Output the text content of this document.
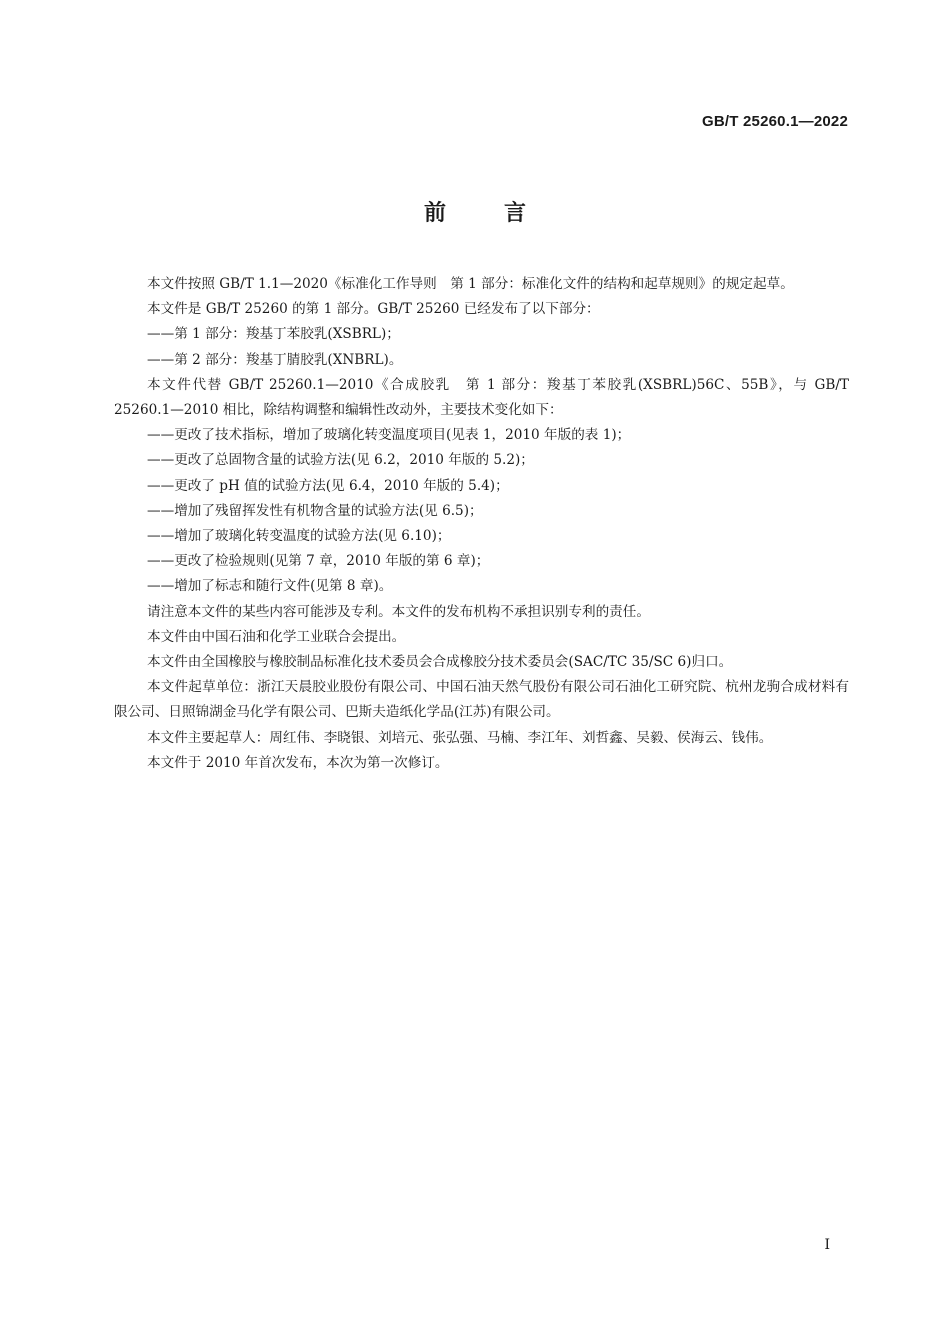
GB/T 25260.1—2022
前言

本文件按照 GB/T 1.1—2020《标准化工作导则　第 1 部分：标准化文件的结构和起草规则》的规定起草。

本文件是 GB/T 25260 的第 1 部分。GB/T 25260 已经发布了以下部分：

——第 1 部分：羧基丁苯胶乳(XSBRL)；

——第 2 部分：羧基丁腈胶乳(XNBRL)。

本文件代替 GB/T 25260.1—2010《合成胶乳　第 1 部分：羧基丁苯胶乳(XSBRL)56C、55B》，与 GB/T 25260.1—2010 相比，除结构调整和编辑性改动外，主要技术变化如下：

——更改了技术指标，增加了玻璃化转变温度项目(见表 1，2010 年版的表 1)；

——更改了总固物含量的试验方法(见 6.2，2010 年版的 5.2)；

——更改了 pH 值的试验方法(见 6.4，2010 年版的 5.4)；

——增加了残留挥发性有机物含量的试验方法(见 6.5)；

——增加了玻璃化转变温度的试验方法(见 6.10)；

——更改了检验规则(见第 7 章，2010 年版的第 6 章)；

——增加了标志和随行文件(见第 8 章)。

请注意本文件的某些内容可能涉及专利。本文件的发布机构不承担识别专利的责任。

本文件由中国石油和化学工业联合会提出。

本文件由全国橡胶与橡胶制品标准化技术委员会合成橡胶分技术委员会(SAC/TC 35/SC 6)归口。

本文件起草单位：浙江天晨胶业股份有限公司、中国石油天然气股份有限公司石油化工研究院、杭州龙驹合成材料有限公司、日照锦湖金马化学有限公司、巴斯夫造纸化学品(江苏)有限公司。

本文件主要起草人：周红伟、李晓银、刘培元、张弘强、马楠、李江年、刘哲鑫、吴毅、侯海云、钱伟。

本文件于 2010 年首次发布，本次为第一次修订。

I
